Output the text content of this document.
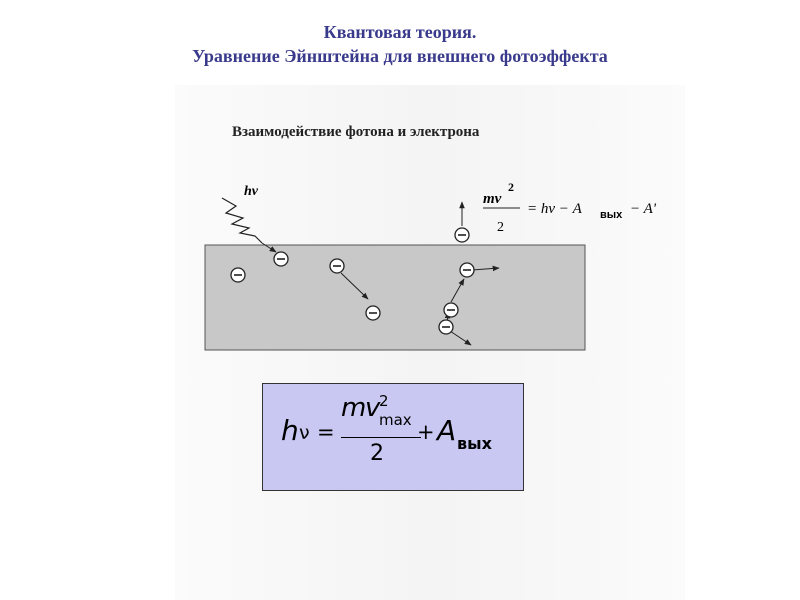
Квантовая теория.
Уравнение Эйнштейна для внешнего фотоэффекта
Взаимодействие фотона и электрона
hν	mv
2
2
= hν − A вых − A'
h ν =
m
v
2
max
2
+ A вых
